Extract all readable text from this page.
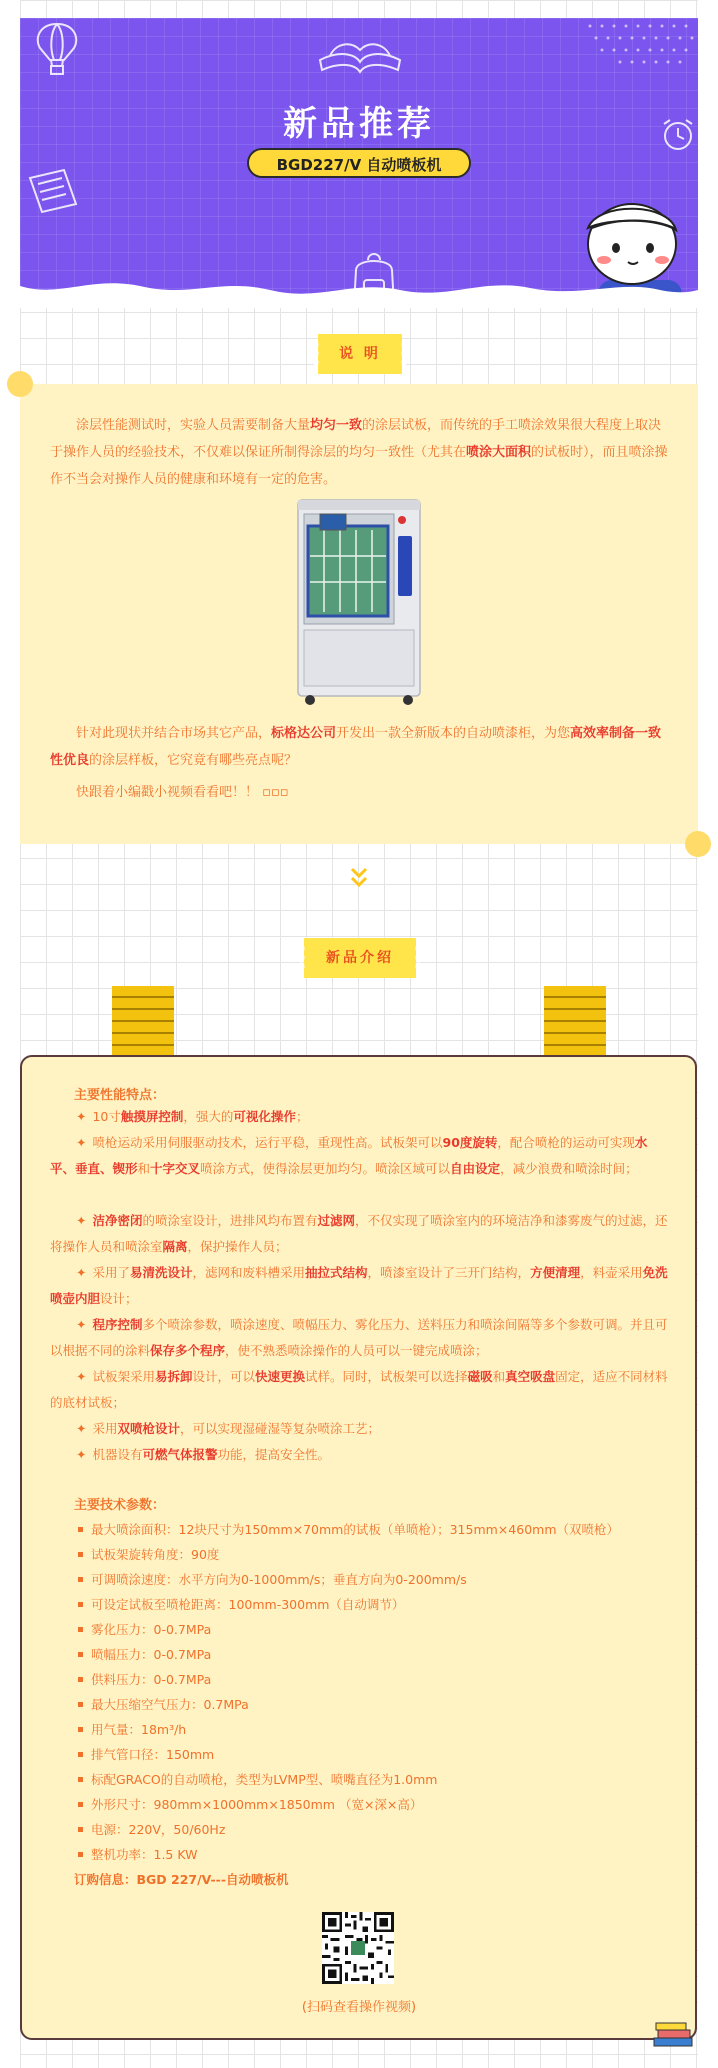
新品推荐
BGD227/V 自动喷板机
说 明
涂层性能测试时，实验人员需要制备大量均匀一致的涂层试板，而传统的手工喷涂效果很大程度上取决于操作人员的经验技术，不仅难以保证所制得涂层的均匀一致性（尤其在喷涂大面积的试板时），而且喷涂操作不当会对操作人员的健康和环境有一定的危害。
针对此现状并结合市场其它产品，标格达公司开发出一款全新版本的自动喷漆柜，为您高效率制备一致性优良的涂层样板，它究竟有哪些亮点呢？
快跟着小编戳小视频看看吧！！ ▫▫▫
新品介绍
主要性能特点：
✦ 10寸触摸屏控制，强大的可视化操作；
✦ 喷枪运动采用伺服驱动技术，运行平稳，重现性高。试板架可以90度旋转，配合喷枪的运动可实现水平、垂直、锲形和十字交叉喷涂方式，使得涂层更加均匀。喷涂区域可以自由设定，减少浪费和喷涂时间；
✦ 洁净密闭的喷涂室设计，进排风均布置有过滤网，不仅实现了喷涂室内的环境洁净和漆雾废气的过滤，还将操作人员和喷涂室隔离，保护操作人员；
✦ 采用了易清洗设计，滤网和废料槽采用抽拉式结构，喷漆室设计了三开门结构，方便清理，料壶采用免洗喷壶内胆设计；
✦ 程序控制多个喷涂参数，喷涂速度、喷幅压力、雾化压力、送料压力和喷涂间隔等多个参数可调。并且可以根据不同的涂料保存多个程序，使不熟悉喷涂操作的人员可以一键完成喷涂；
✦ 试板架采用易拆卸设计，可以快速更换试样。同时，试板架可以选择磁吸和真空吸盘固定，适应不同材料的底材试板；
✦ 采用双喷枪设计，可以实现湿碰湿等复杂喷涂工艺；
✦ 机器设有可燃气体报警功能，提高安全性。
主要技术参数：
最大喷涂面积：12块尺寸为150mm×70mm的试板（单喷枪）；315mm×460mm（双喷枪）
试板架旋转角度：90度
可调喷涂速度：水平方向为0-1000mm/s；垂直方向为0-200mm/s
可设定试板至喷枪距离：100mm-300mm（自动调节）
雾化压力：0-0.7MPa
喷幅压力：0-0.7MPa
供料压力：0-0.7MPa
最大压缩空气压力：0.7MPa
用气量：18m³/h
排气管口径：150mm
标配GRACO的自动喷枪，类型为LVMP型、喷嘴直径为1.0mm
外形尺寸：980mm×1000mm×1850mm （宽×深×高）
电源：220V，50/60Hz
整机功率：1.5 KW
订购信息：BGD 227/V---自动喷板机
(扫码查看操作视频)
